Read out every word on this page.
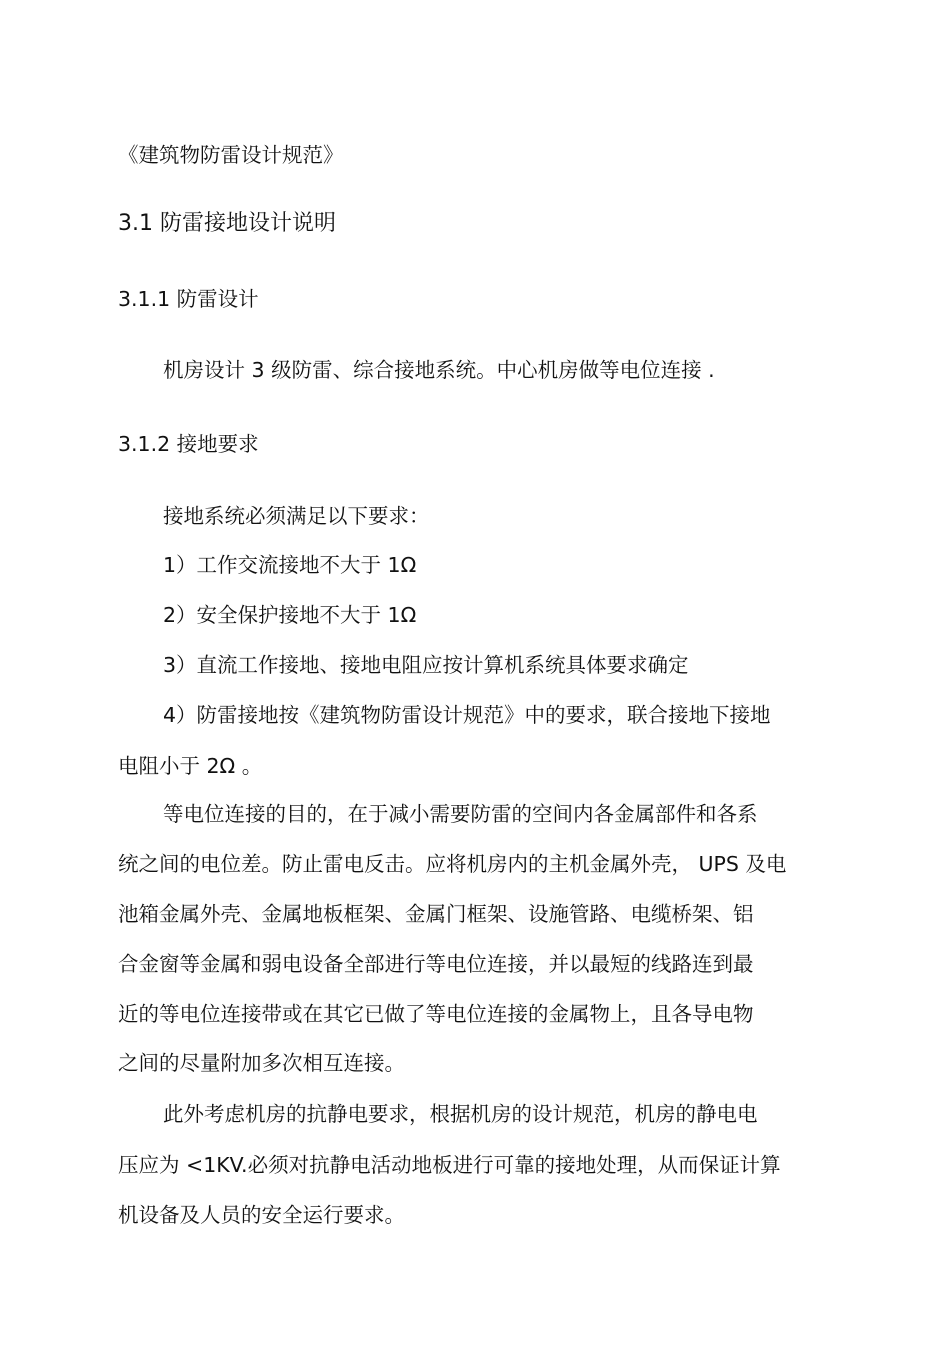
《建筑物防雷设计规范》

3.1 防雷接地设计说明

3.1.1 防雷设计

机房设计 3 级防雷、综合接地系统。中心机房做等电位连接 .

3.1.2 接地要求

接地系统必须满足以下要求：

1）工作交流接地不大于 1Ω

2）安全保护接地不大于 1Ω

3）直流工作接地、接地电阻应按计算机系统具体要求确定

4）防雷接地按《建筑物防雷设计规范》中的要求，联合接地下接地

电阻小于 2Ω 。

等电位连接的目的，在于减小需要防雷的空间内各金属部件和各系

统之间的电位差。防止雷电反击。应将机房内的主机金属外壳， UPS 及电

池箱金属外壳、金属地板框架、金属门框架、设施管路、电缆桥架、铝

合金窗等金属和弱电设备全部进行等电位连接，并以最短的线路连到最

近的等电位连接带或在其它已做了等电位连接的金属物上，且各导电物

之间的尽量附加多次相互连接。

此外考虑机房的抗静电要求，根据机房的设计规范，机房的静电电

压应为 <1KV.必须对抗静电活动地板进行可靠的接地处理，从而保证计算

机设备及人员的安全运行要求。
